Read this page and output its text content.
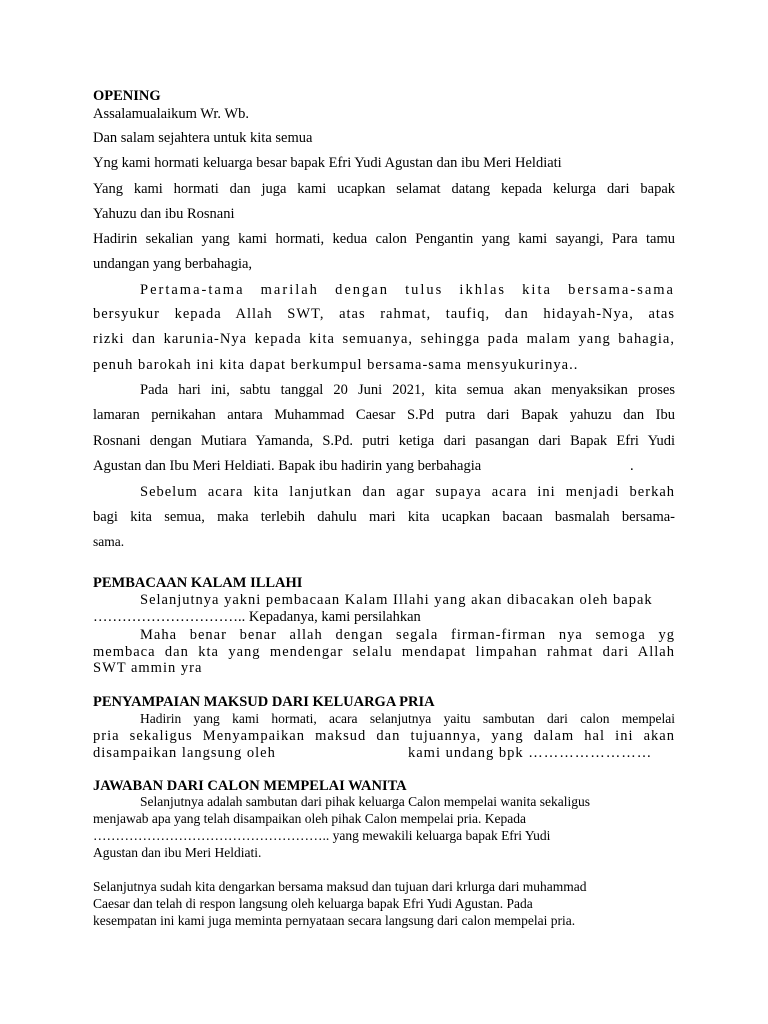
OPENING
Assalamualaikum Wr. Wb.
Dan salam sejahtera untuk kita semua
Yng kami hormati keluarga besar bapak Efri Yudi Agustan dan ibu Meri Heldiati
Yang kami hormati dan juga kami ucapkan selamat datang kepada kelurga dari bapak
Yahuzu dan ibu Rosnani
Hadirin sekalian yang kami hormati, kedua calon Pengantin yang kami sayangi, Para tamu
undangan yang berbahagia,
Pertama-tama marilah dengan tulus ikhlas kita bersama-sama
bersyukur kepada Allah SWT, atas rahmat, taufiq, dan hidayah-Nya, atas
rizki dan karunia-Nya kepada kita semuanya, sehingga pada malam yang bahagia,
penuh barokah ini kita dapat berkumpul bersama-sama mensyukurinya..
Pada hari ini, sabtu tanggal 20 Juni 2021, kita semua akan menyaksikan proses
lamaran pernikahan antara Muhammad Caesar S.Pd putra dari Bapak yahuzu dan Ibu
Rosnani dengan Mutiara Yamanda, S.Pd. putri ketiga dari pasangan dari Bapak Efri Yudi
Agustan dan Ibu Meri Heldiati. Bapak ibu hadirin yang berbahagia	.
Sebelum acara kita lanjutkan dan agar supaya acara ini menjadi berkah
bagi kita semua, maka terlebih dahulu mari kita ucapkan bacaan basmalah bersama-
sama.
PEMBACAAN KALAM ILLAHI
Selanjutnya yakni pembacaan Kalam Illahi yang akan dibacakan oleh bapak
………………………….. Kepadanya, kami persilahkan
Maha benar benar allah dengan segala firman-firman nya semoga yg
membaca dan kta yang mendengar selalu mendapat limpahan rahmat dari Allah
SWT ammin yra
PENYAMPAIAN MAKSUD DARI KELUARGA PRIA
Hadirin yang kami hormati, acara selanjutnya yaitu sambutan dari calon mempelai
pria sekaligus Menyampaikan maksud dan tujuannya, yang dalam hal ini akan
disampaikan langsung oleh	kami undang bpk ……………………
JAWABAN DARI CALON MEMPELAI WANITA
Selanjutnya adalah sambutan dari pihak keluarga Calon mempelai wanita sekaligus
menjawab apa yang telah disampaikan oleh pihak Calon mempelai pria. Kepada
…………………………………………….. yang mewakili keluarga bapak Efri Yudi
Agustan dan ibu Meri Heldiati.
Selanjutnya sudah kita dengarkan bersama maksud dan tujuan dari krlurga dari muhammad
Caesar dan telah di respon langsung oleh keluarga bapak Efri Yudi Agustan. Pada
kesempatan ini kami juga meminta pernyataan secara langsung dari calon mempelai pria.
